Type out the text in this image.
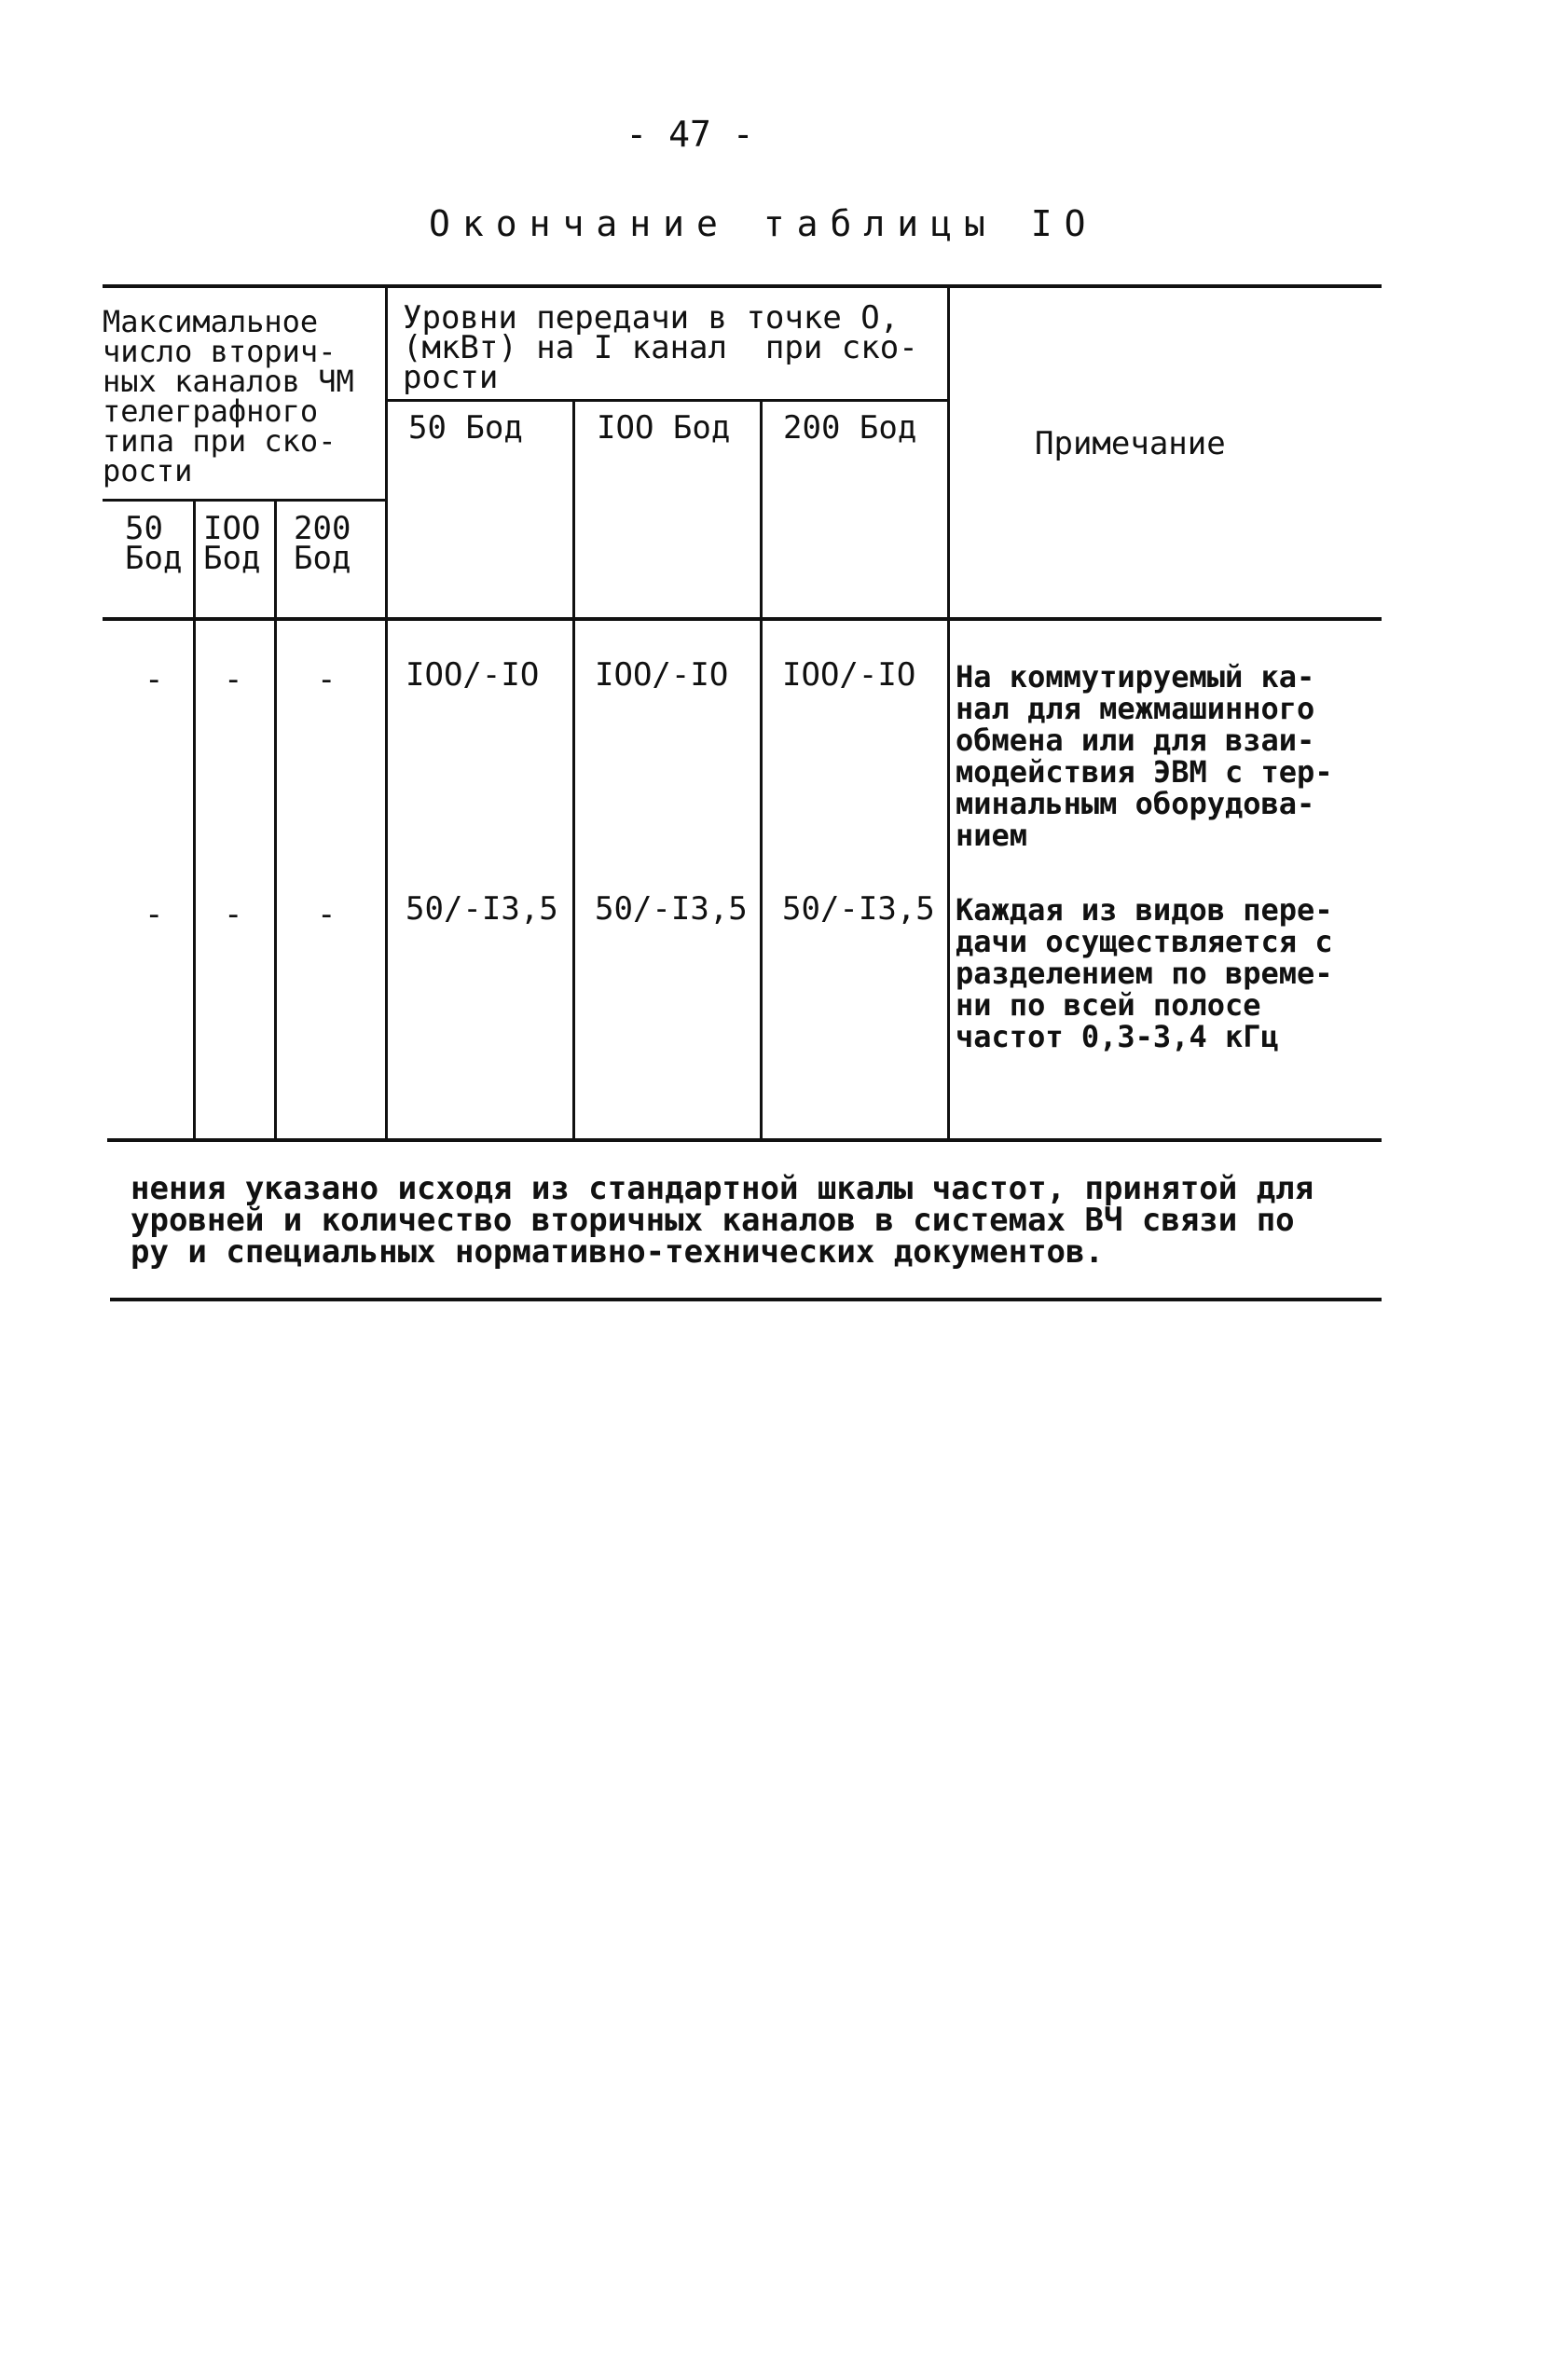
- 47 -
Окончание таблицы IO
Максимальное
число вторич-
ных каналов ЧМ
телеграфного
типа при ско-
рости
Уровни передачи в точке О,
(мкВт) на I канал  при ско-
рости
Примечание
50
Бод
IOO
Бод
200
Бод
50 Бод IOO Бод 200 Бод
- - - IOO/-IO IOO/-IO IOO/-IO На коммутируемый ка-
нал для межмашинного
обмена или для взаи-
модействия ЭВМ с тер-
минальным оборудова-
нием
- - - 50/-I3,5 50/-I3,5 50/-I3,5 Каждая из видов пере-
дачи осуществляется с
разделением по време-
ни по всей полосе
частот 0,3-3,4 кГц
нения указано исходя из стандартной шкалы частот, принятой для
уровней и количество вторичных каналов в системах ВЧ связи по
ру и специальных нормативно-технических документов.
